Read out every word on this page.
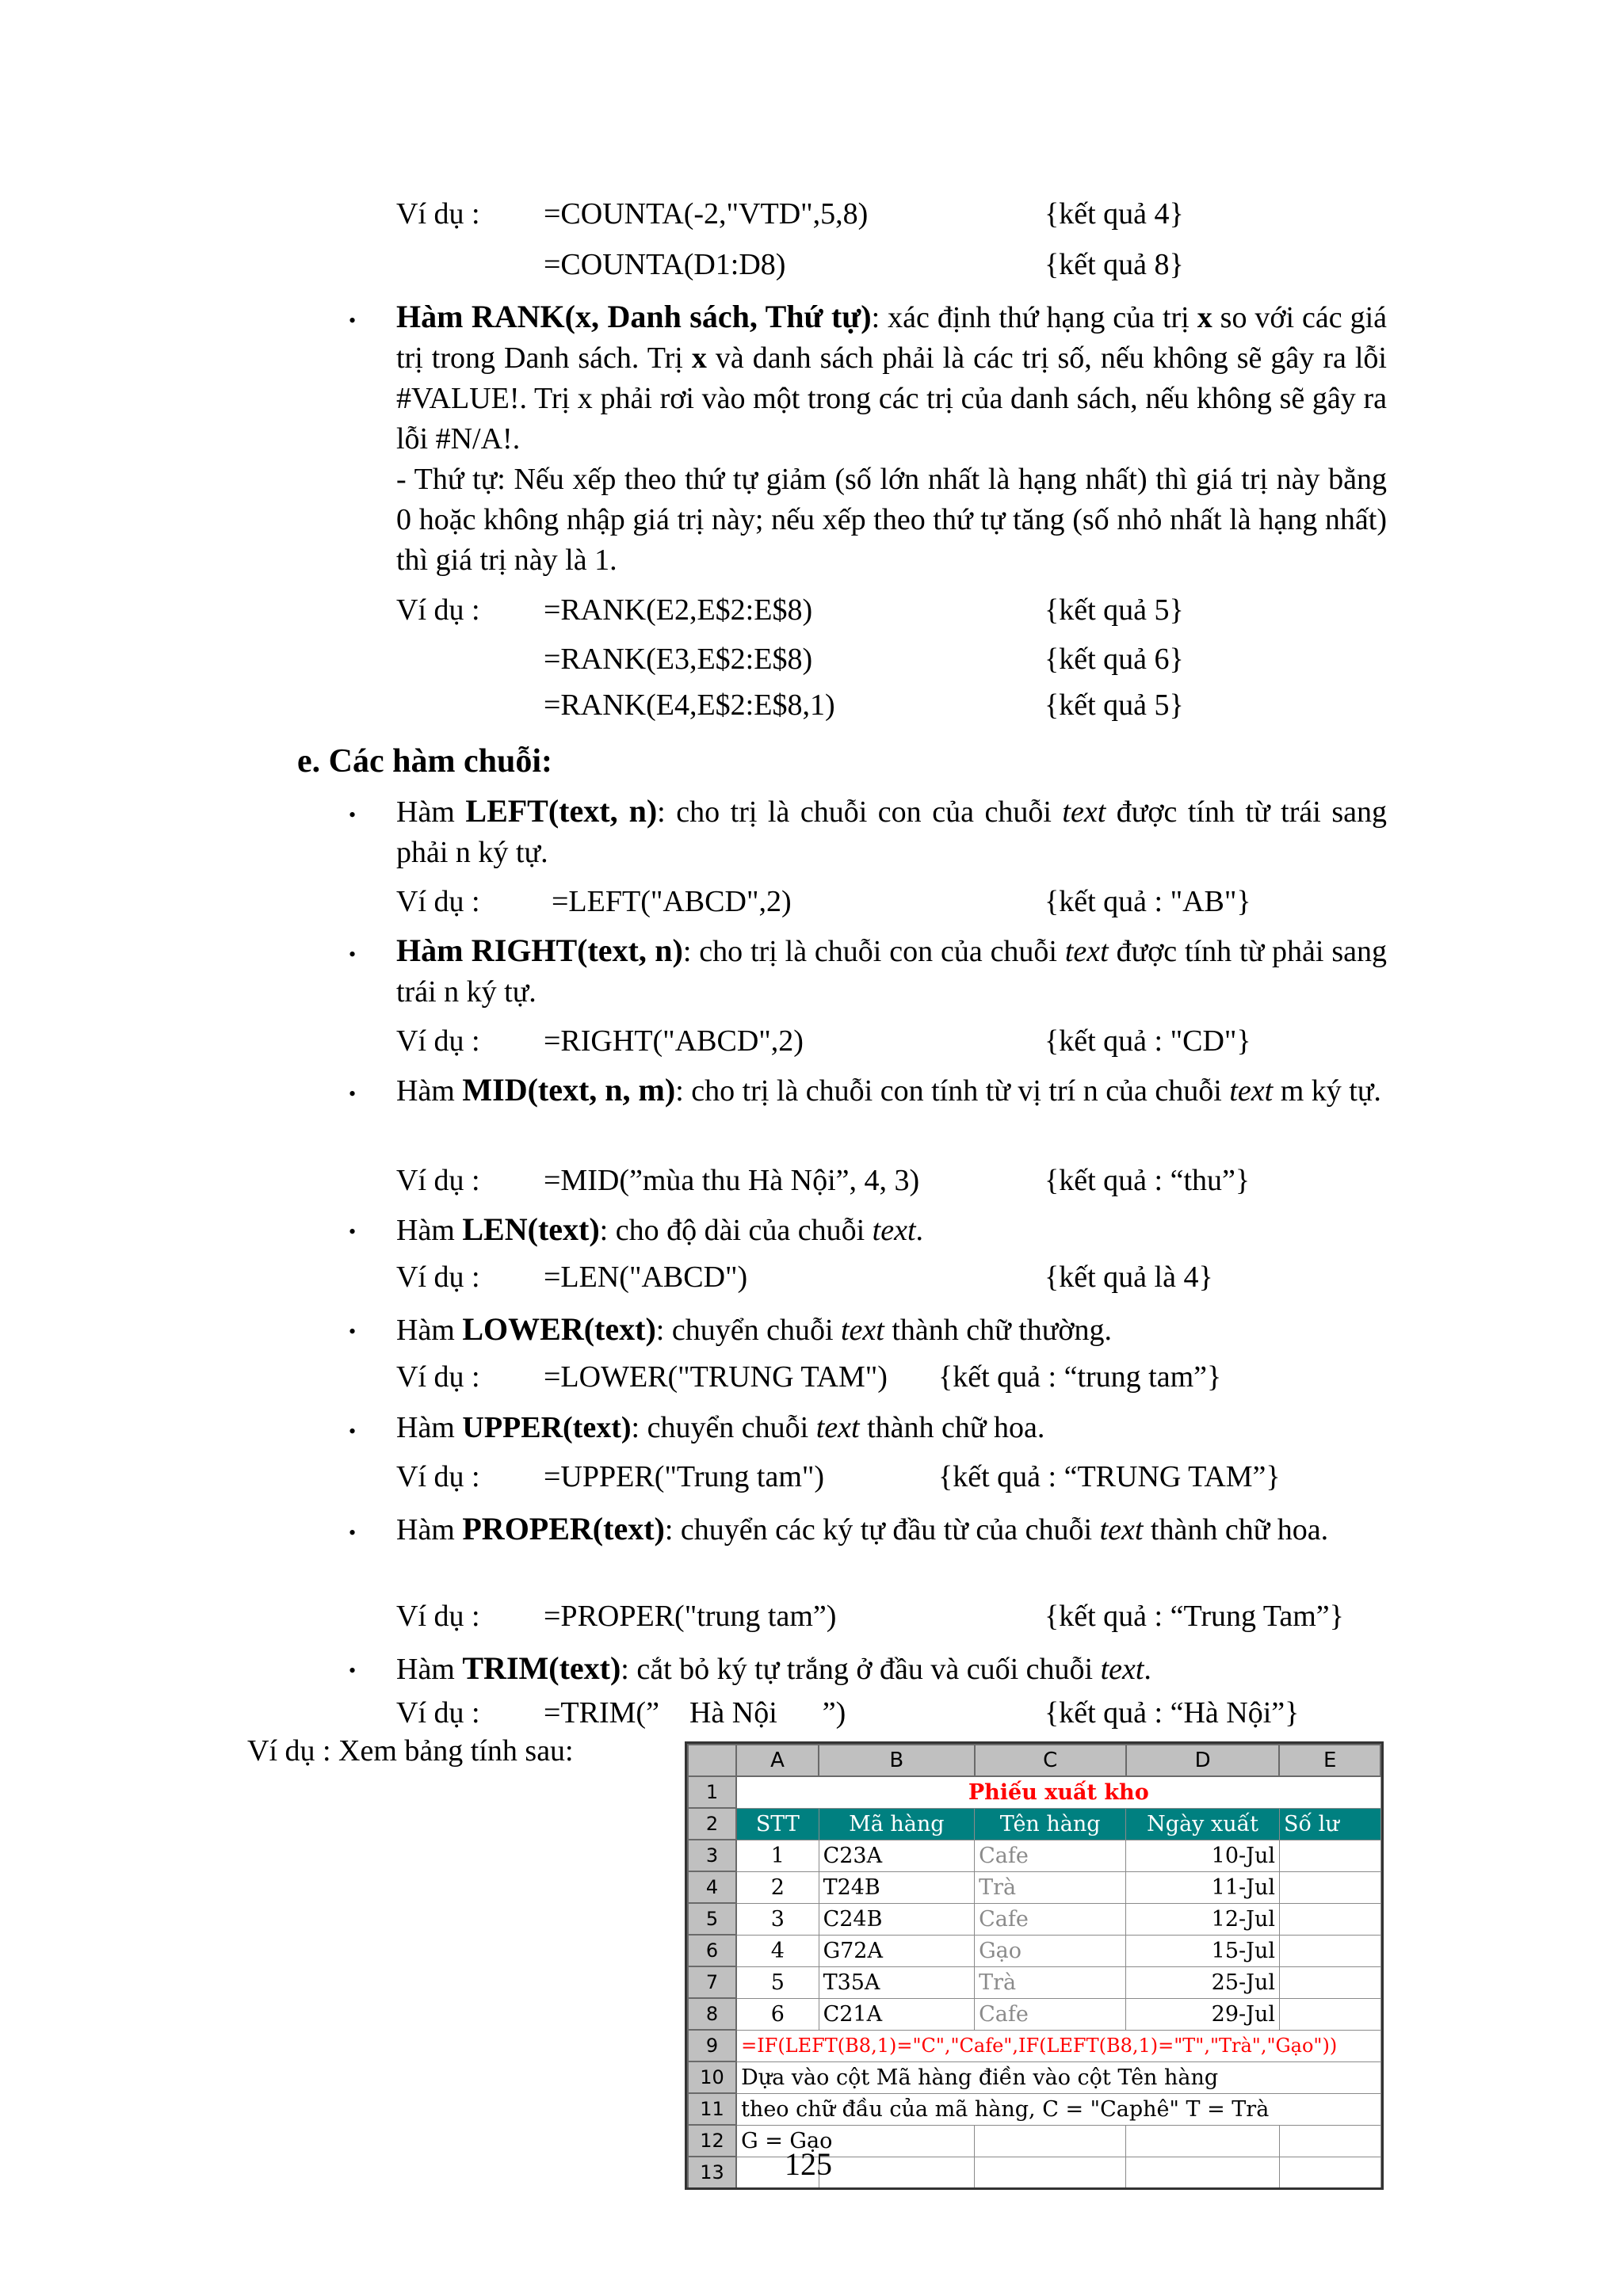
Ví dụ : =COUNTA(-2,"VTD",5,8)	{kết quả 4}
=COUNTA(D1:D8)	{kết quả 8}
• Hàm RANK(x, Danh sách, Thứ tự): xác định thứ hạng của trị x so với các giá trị trong Danh sách. Trị x và danh sách phải là các trị số, nếu không sẽ gây ra lỗi #VALUE!. Trị x phải rơi vào một trong các trị của danh sách, nếu không sẽ gây ra lỗi #N/A!.
- Thứ tự: Nếu xếp theo thứ tự giảm (số lớn nhất là hạng nhất) thì giá trị này bằng 0 hoặc không nhập giá trị này; nếu xếp theo thứ tự tăng (số nhỏ nhất là hạng nhất) thì giá trị này là 1.
Ví dụ : =RANK(E2,E$2:E$8)	{kết quả 5}
=RANK(E3,E$2:E$8)	{kết quả 6}
=RANK(E4,E$2:E$8,1)	{kết quả 5}
e. Các hàm chuỗi:
• Hàm LEFT(text, n): cho trị là chuỗi con của chuỗi text được tính từ trái sang phải n ký tự.
Ví dụ : =LEFT("ABCD",2)	{kết quả : "AB"}
• Hàm RIGHT(text, n): cho trị là chuỗi con của chuỗi text được tính từ phải sang trái n ký tự.
Ví dụ : =RIGHT("ABCD",2)	{kết quả : "CD"}
• Hàm MID(text, n, m): cho trị là chuỗi con tính từ vị trí n của chuỗi text m ký tự.
Ví dụ : =MID(”mùa thu Hà Nội”, 4, 3)	{kết quả : “thu”}
• Hàm LEN(text): cho độ dài của chuỗi text.
Ví dụ : =LEN("ABCD")	{kết quả là 4}
• Hàm LOWER(text): chuyển chuỗi text thành chữ thường.
Ví dụ : =LOWER("TRUNG TAM") {kết quả : “trung tam”}
• Hàm UPPER(text): chuyển chuỗi text thành chữ hoa.
Ví dụ : =UPPER("Trung tam")	{kết quả : “TRUNG TAM”}
• Hàm PROPER(text): chuyển các ký tự đầu từ của chuỗi text thành chữ hoa.
Ví dụ : =PROPER("trung tam”)	{kết quả : “Trung Tam”}
• Hàm TRIM(text): cắt bỏ ký tự trắng ở đầu và cuối chuỗi text.
Ví dụ : =TRIM(”    Hà Nội      ”)	{kết quả : “Hà Nội”}
Ví dụ : Xem bảng tính sau:
		A	B	C	D	E
1	Phiếu xuất kho				
2	STT	Mã hàng	Tên hàng	Ngày xuất	Số lư
3	1	C23A	Cafe	10-Jul	
4	2	T24B	Trà	11-Jul	
5	3	C24B	Cafe	12-Jul	
6	4	G72A	Gạo	15-Jul	
7	5	T35A	Trà	25-Jul	
8	6	C21A	Cafe	29-Jul	
9	=IF(LEFT(B8,1)="C","Cafe",IF(LEFT(B8,1)="T","Trà","Gạo"))				
10	Dựa vào cột Mã hàng điền vào cột Tên hàng				
11	theo chữ đầu của mã hàng, C = "Caphê" T = Trà				
12	G = Gạo				
13					125
